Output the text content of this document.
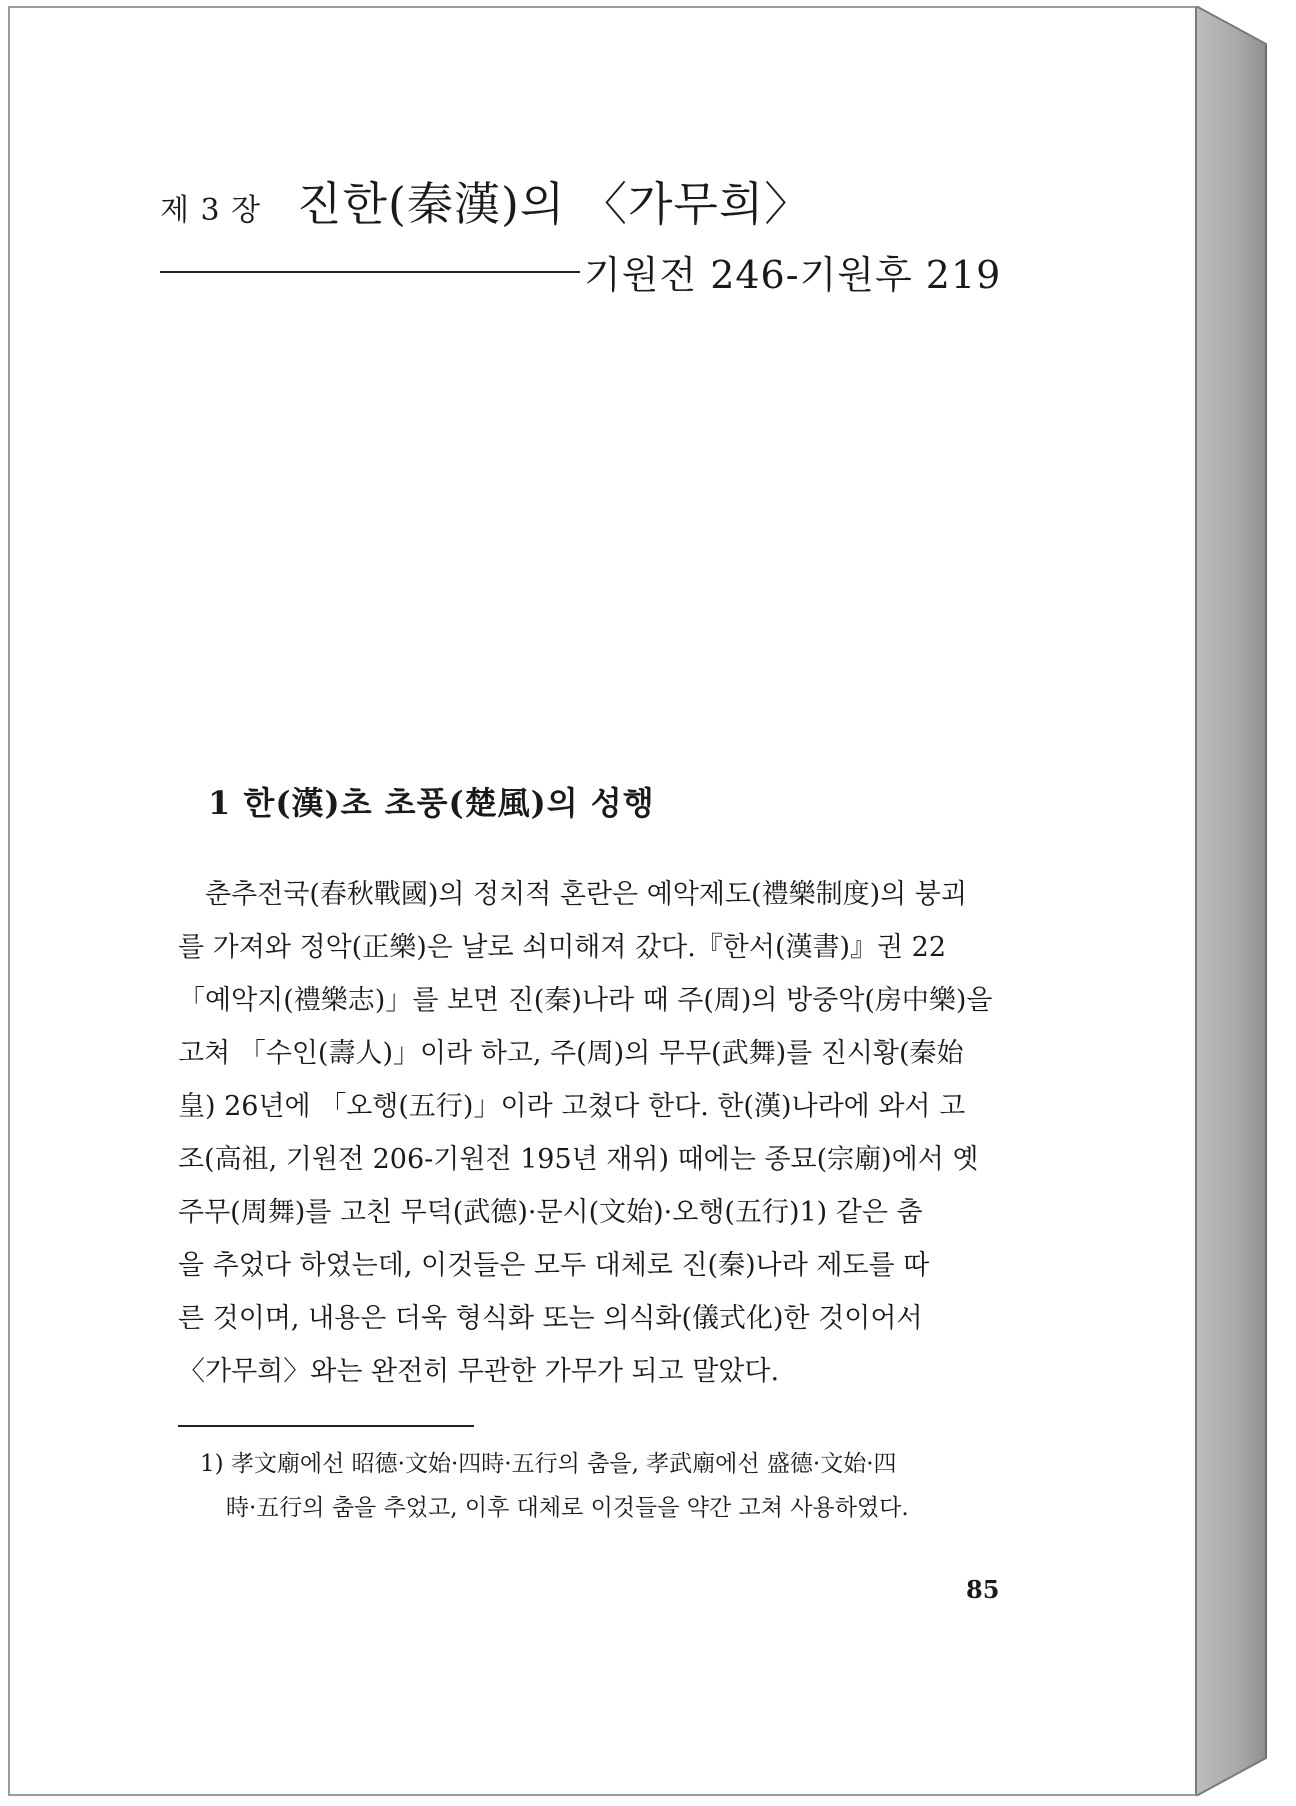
제 3 장 진한(秦漢)의 〈가무희〉
기원전 246-기원후 219
1 한(漢)초 초풍(楚風)의 성행
춘추전국(春秋戰國)의 정치적 혼란은 예악제도(禮樂制度)의 붕괴
를 가져와 정악(正樂)은 날로 쇠미해져 갔다.『한서(漢書)』권 22
「예악지(禮樂志)」를 보면 진(秦)나라 때 주(周)의 방중악(房中樂)을
고쳐 「수인(壽人)」이라 하고, 주(周)의 무무(武舞)를 진시황(秦始
皇) 26년에 「오행(五行)」이라 고쳤다 한다. 한(漢)나라에 와서 고
조(高祖, 기원전 206-기원전 195년 재위) 때에는 종묘(宗廟)에서 옛
주무(周舞)를 고친 무덕(武德)·문시(文始)·오행(五行)1) 같은 춤
을 추었다 하였는데, 이것들은 모두 대체로 진(秦)나라 제도를 따
른 것이며, 내용은 더욱 형식화 또는 의식화(儀式化)한 것이어서
〈가무희〉와는 완전히 무관한 가무가 되고 말았다.
1) 孝文廟에선 昭德·文始·四時·五行의 춤을, 孝武廟에선 盛德·文始·四
時·五行의 춤을 추었고, 이후 대체로 이것들을 약간 고쳐 사용하였다.
85
